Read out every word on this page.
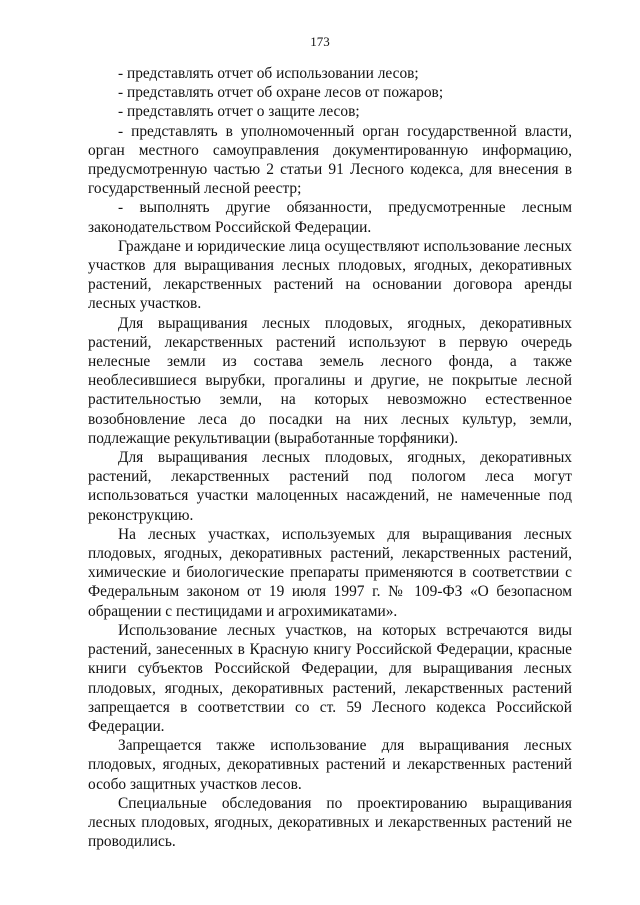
173

- представлять отчет об использовании лесов;

- представлять отчет об охране лесов от пожаров;

- представлять отчет о защите лесов;

- представлять в уполномоченный орган государственной власти, орган местного самоуправления документированную информацию, предусмотренную частью 2 статьи 91 Лесного кодекса, для внесения в государственный лесной реестр;

- выполнять другие обязанности, предусмотренные лесным законодательством Российской Федерации.

Граждане и юридические лица осуществляют использование лесных участков для выращивания лесных плодовых, ягодных, декоративных растений, лекарственных растений на основании договора аренды лесных участков.

Для выращивания лесных плодовых, ягодных, декоративных растений, лекарственных растений используют в первую очередь нелесные земли из состава земель лесного фонда, а также необлесившиеся вырубки, прогалины и другие, не покрытые лесной растительностью земли, на которых невозможно естественное возобновление леса до посадки на них лесных культур, земли, подлежащие рекультивации (выработанные торфяники).

Для выращивания лесных плодовых, ягодных, декоративных растений, лекарственных растений под пологом леса могут использоваться участки малоценных насаждений, не намеченные под реконструкцию.

На лесных участках, используемых для выращивания лесных плодовых, ягодных, декоративных растений, лекарственных растений, химические и биологические препараты применяются в соответствии с Федеральным законом от 19 июля 1997 г. № 109-ФЗ «О безопасном обращении с пестицидами и агрохимикатами».

Использование лесных участков, на которых встречаются виды растений, занесенных в Красную книгу Российской Федерации, красные книги субъектов Российской Федерации, для выращивания лесных плодовых, ягодных, декоративных растений, лекарственных растений запрещается в соответствии со ст. 59 Лесного кодекса Российской Федерации.

Запрещается также использование для выращивания лесных плодовых, ягодных, декоративных растений и лекарственных растений особо защитных участков лесов.

Специальные обследования по проектированию выращивания лесных плодовых, ягодных, декоративных и лекарственных растений не проводились.
